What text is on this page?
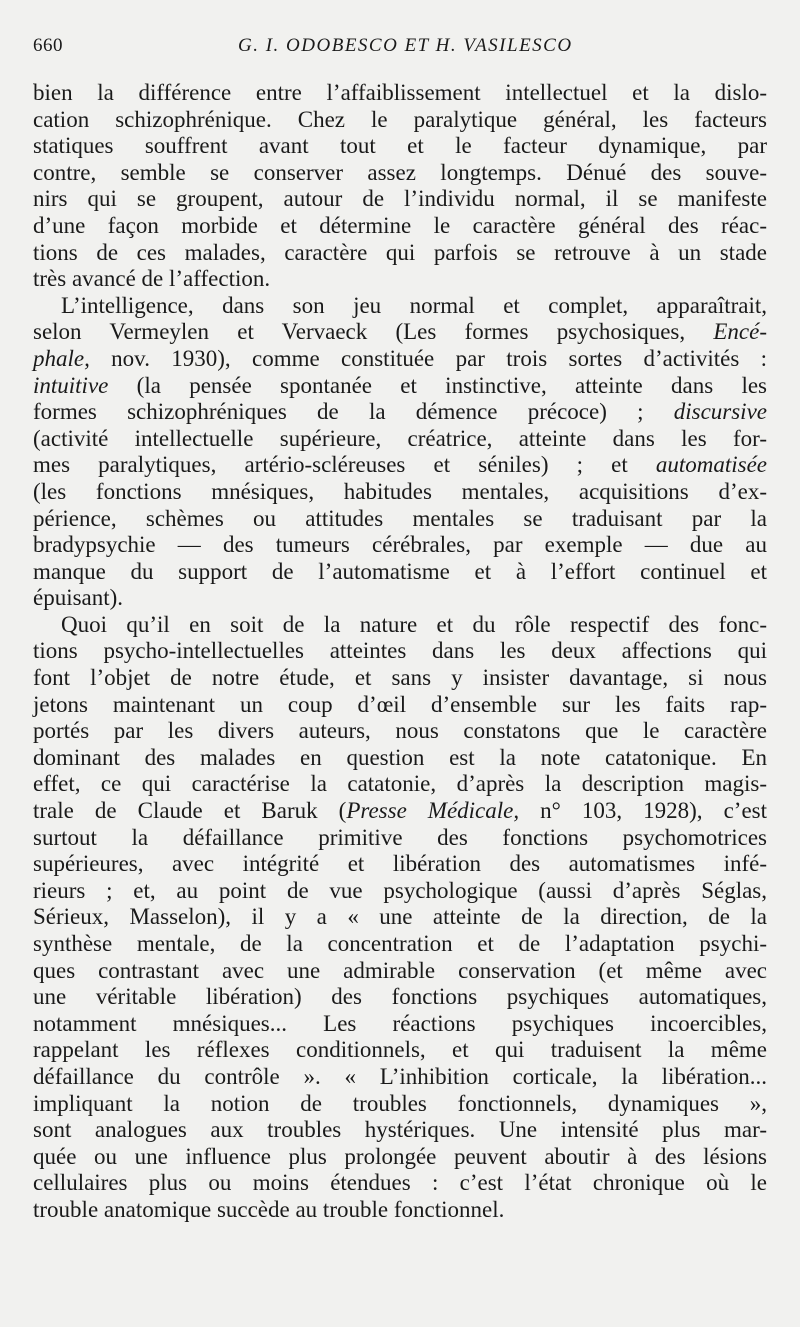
660	G. I. ODOBESCO ET H. VASILESCO
bien la différence entre l’affaiblissement intellectuel et la dislo-
cation schizophrénique. Chez le paralytique général, les facteurs
statiques souffrent avant tout et le facteur dynamique, par
contre, semble se conserver assez longtemps. Dénué des souve-
nirs qui se groupent, autour de l’individu normal, il se manifeste
d’une façon morbide et détermine le caractère général des réac-
tions de ces malades, caractère qui parfois se retrouve à un stade
très avancé de l’affection.
L’intelligence, dans son jeu normal et complet, apparaîtrait,
selon Vermeylen et Vervaeck (Les formes psychosiques, Encé-
phale, nov. 1930), comme constituée par trois sortes d’activités :
intuitive (la pensée spontanée et instinctive, atteinte dans les
formes schizophréniques de la démence précoce) ; discursive
(activité intellectuelle supérieure, créatrice, atteinte dans les for-
mes paralytiques, artério-scléreuses et séniles) ; et automatisée
(les fonctions mnésiques, habitudes mentales, acquisitions d’ex-
périence, schèmes ou attitudes mentales se traduisant par la
bradypsychie — des tumeurs cérébrales, par exemple — due au
manque du support de l’automatisme et à l’effort continuel et
épuisant).
Quoi qu’il en soit de la nature et du rôle respectif des fonc-
tions psycho-intellectuelles atteintes dans les deux affections qui
font l’objet de notre étude, et sans y insister davantage, si nous
jetons maintenant un coup d’œil d’ensemble sur les faits rap-
portés par les divers auteurs, nous constatons que le caractère
dominant des malades en question est la note catatonique. En
effet, ce qui caractérise la catatonie, d’après la description magis-
trale de Claude et Baruk (Presse Médicale, n° 103, 1928), c’est
surtout la défaillance primitive des fonctions psychomotrices
supérieures, avec intégrité et libération des automatismes infé-
rieurs ; et, au point de vue psychologique (aussi d’après Séglas,
Sérieux, Masselon), il y a « une atteinte de la direction, de la
synthèse mentale, de la concentration et de l’adaptation psychi-
ques contrastant avec une admirable conservation (et même avec
une véritable libération) des fonctions psychiques automatiques,
notamment mnésiques... Les réactions psychiques incoercibles,
rappelant les réflexes conditionnels, et qui traduisent la même
défaillance du contrôle ». « L’inhibition corticale, la libération...
impliquant la notion de troubles fonctionnels, dynamiques »,
sont analogues aux troubles hystériques. Une intensité plus mar-
quée ou une influence plus prolongée peuvent aboutir à des lésions
cellulaires plus ou moins étendues : c’est l’état chronique où le
trouble anatomique succède au trouble fonctionnel.
